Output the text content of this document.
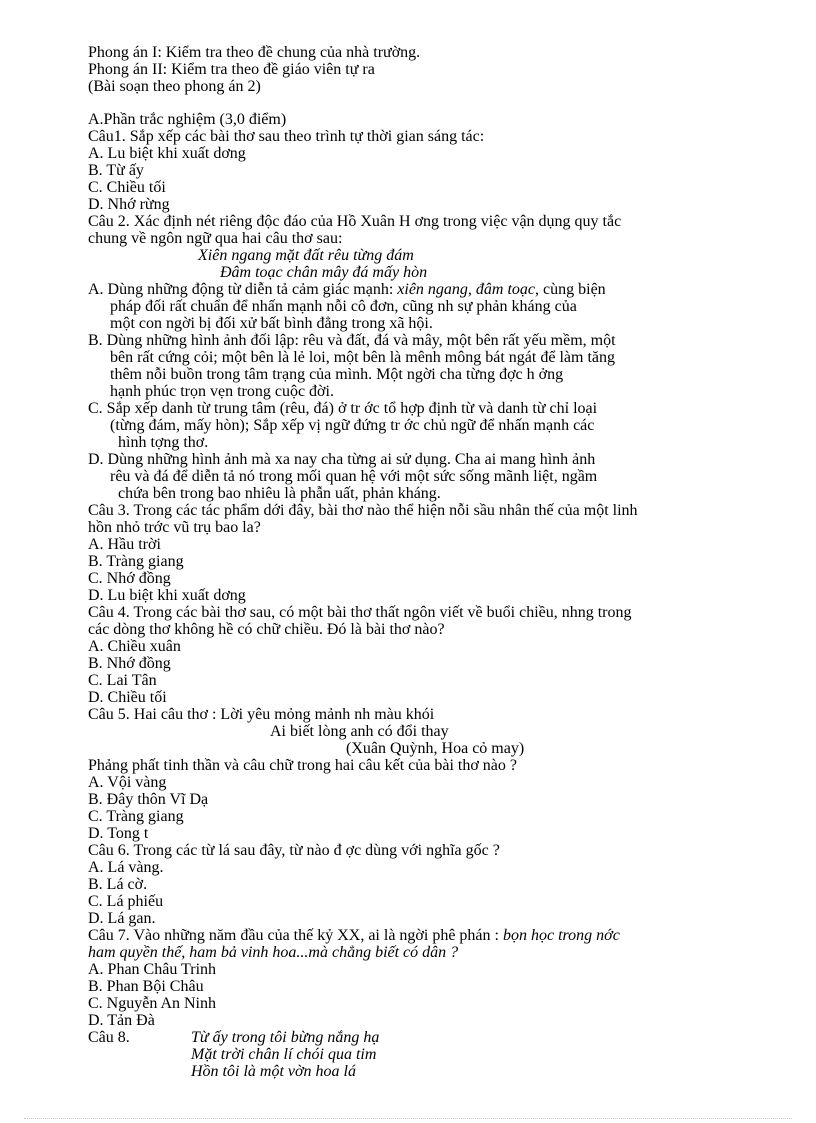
Phong án I: Kiểm tra theo đề chung của nhà trường.
Phong án II: Kiểm tra theo đề giáo viên tự ra
(Bài soạn theo phong án 2)
A.Phần trắc nghiệm (3,0 điểm)
Câu1. Sắp xếp các bài thơ sau theo trình tự thời gian sáng tác:
A. Lu biệt khi xuất dơng
B. Từ ấy
C. Chiều tối
D. Nhớ rừng
Câu 2. Xác định nét riêng độc đáo của Hồ Xuân H ơng trong việc vận dụng quy tắc
chung về ngôn ngữ qua hai câu thơ sau:
Xiên ngang mặt đất rêu từng đám
Đâm toạc chân mây đá mấy hòn
A. Dùng những động từ diễn tả cảm giác mạnh: xiên ngang, đâm toạc, cùng biện
pháp đối rất chuẩn để nhấn mạnh nỗi cô đơn, cũng nh sự phản kháng của
một con ngời bị đối xử bất bình đẳng trong xã hội.
B. Dùng những hình ảnh đối lập: rêu và đất, đá và mây, một bên rất yếu mềm, một
bên rất cứng cỏi; một bên là lẻ loi, một bên là mênh mông bát ngát để làm tăng
thêm nỗi buồn trong tâm trạng của mình. Một ngời cha từng đợc h ởng
hạnh phúc trọn vẹn trong cuộc đời.
C. Sắp xếp danh từ trung tâm (rêu, đá) ở tr ớc tổ hợp định từ và danh từ chỉ loại
(từng đám, mấy hòn); Sắp xếp vị ngữ đứng tr ớc chủ ngữ để nhấn mạnh các
hình tợng thơ.
D. Dùng những hình ảnh mà xa nay cha từng ai sử dụng. Cha ai mang hình ảnh
rêu và đá để diễn tả nó trong mối quan hệ với một sức sống mãnh liệt, ngầm
chứa bên trong bao nhiêu là phẫn uất, phản kháng.
Câu 3. Trong các tác phẩm dới đây, bài thơ nào thể hiện nỗi sầu nhân thế của một linh
hồn nhỏ trớc vũ trụ bao la?
A. Hầu trời
B. Tràng giang
C. Nhớ đồng
D. Lu biệt khi xuất dơng
Câu 4. Trong các bài thơ sau, có một bài thơ thất ngôn viết về buổi chiều, nhng trong
các dòng thơ không hề có chữ chiều. Đó là bài thơ nào?
A. Chiều xuân
B. Nhớ đồng
C. Lai Tân
D. Chiều tối
Câu 5. Hai câu thơ : Lời yêu mỏng mảnh nh màu khói
Ai biết lòng anh có đổi thay
(Xuân Quỳnh, Hoa cỏ may)
Phảng phất tinh thần và câu chữ trong hai câu kết của bài thơ nào ?
A. Vội vàng
B. Đây thôn Vĩ Dạ
C. Tràng giang
D. Tong t
Câu 6. Trong các từ lá sau đây, từ nào đ ợc dùng với nghĩa gốc ?
A. Lá vàng.
B. Lá cờ.
C. Lá phiếu
D. Lá gan.
Câu 7. Vào những năm đầu của thế kỷ XX, ai là ngời phê phán : bọn học trong nớc
ham quyền thế, ham bả vinh hoa...mà chẳng biết có dân ?
A. Phan Châu Trinh
B. Phan Bội Châu
C. Nguyễn An Ninh
D. Tản Đà
Câu 8.	Từ ấy trong tôi bừng nắng hạ
Mặt trời chân lí chói qua tim
Hồn tôi là một vờn hoa lá
